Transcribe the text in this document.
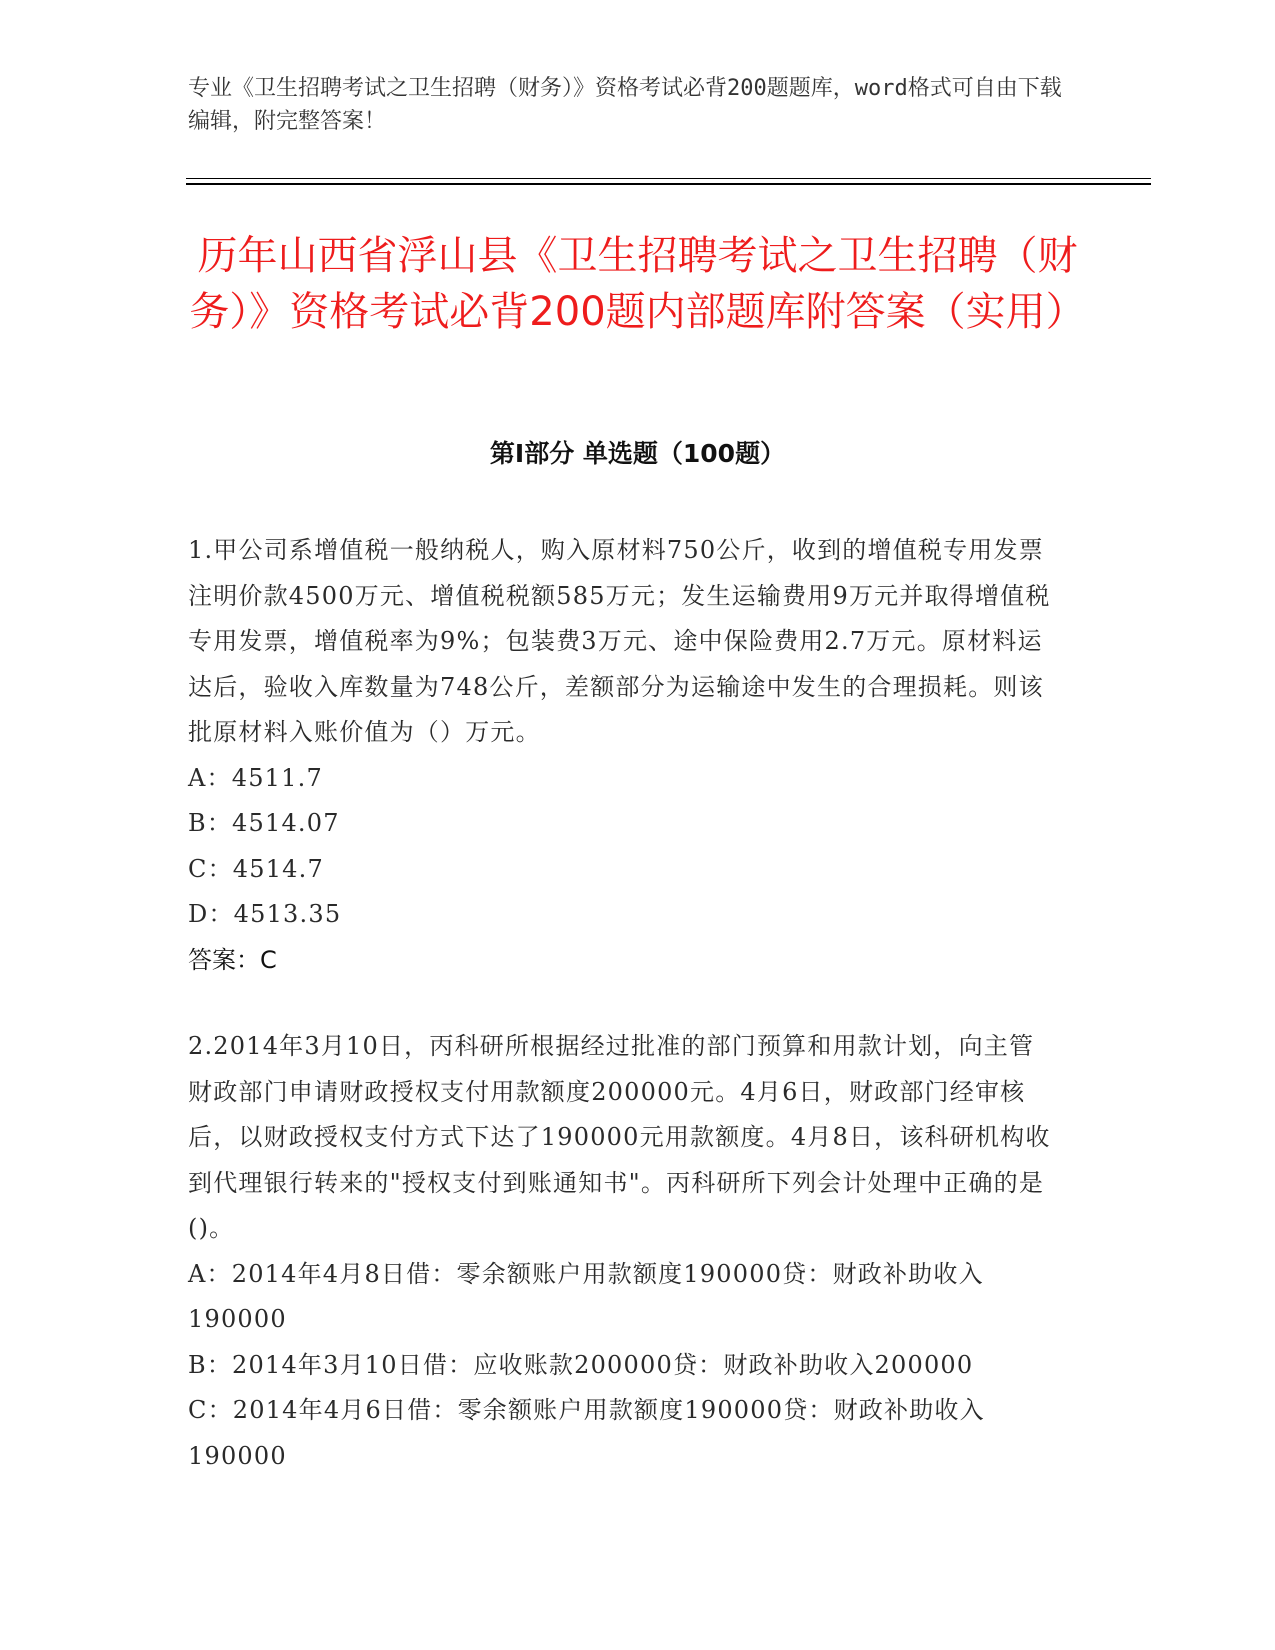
专业《卫生招聘考试之卫生招聘（财务）》资格考试必背200题题库，word格式可自由下载编辑，附完整答案！
历年山西省浮山县《卫生招聘考试之卫生招聘（财务）》资格考试必背200题内部题库附答案（实用）
第Ⅰ部分 单选题（100题）

1.甲公司系增值税一般纳税人，购入原材料750公斤，收到的增值税专用发票注明价款4500万元、增值税税额585万元；发生运输费用9万元并取得增值税专用发票，增值税率为9%；包装费3万元、途中保险费用2.7万元。原材料运达后，验收入库数量为748公斤，差额部分为运输途中发生的合理损耗。则该批原材料入账价值为（）万元。

A：4511.7

B：4514.07

C：4514.7

D：4513.35

答案：C

2.2014年3月10日，丙科研所根据经过批准的部门预算和用款计划，向主管财政部门申请财政授权支付用款额度200000元。4月6日，财政部门经审核后，以财政授权支付方式下达了190000元用款额度。4月8日，该科研机构收到代理银行转来的"授权支付到账通知书"。丙科研所下列会计处理中正确的是()。

A：2014年4月8日借：零余额账户用款额度190000贷：财政补助收入190000

B：2014年3月10日借：应收账款200000贷：财政补助收入200000

C：2014年4月6日借：零余额账户用款额度190000贷：财政补助收入190000
